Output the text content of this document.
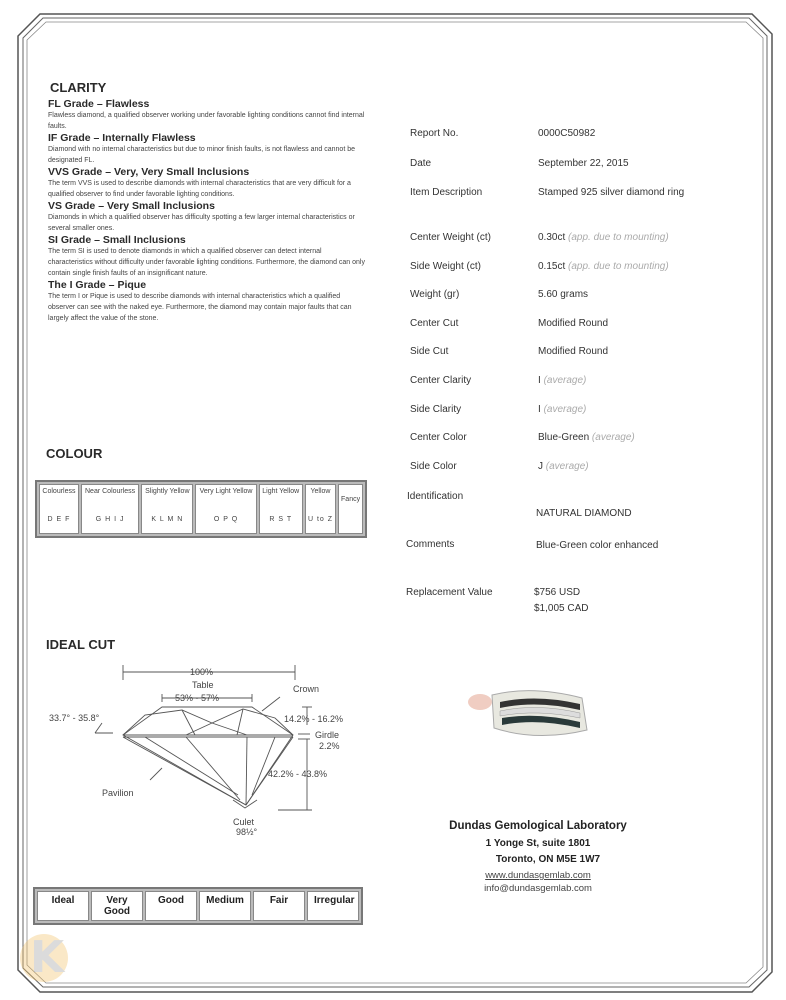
CLARITY
FL Grade – Flawless
Flawless diamond, a qualified observer working under favorable lighting conditions cannot find internal faults.
IF Grade – Internally Flawless
Diamond with no internal characteristics but due to minor finish faults, is not flawless and cannot be designated FL.
VVS Grade – Very, Very Small Inclusions
The term VVS is used to describe diamonds with internal characteristics that are very difficult for a qualified observer to find under favorable lighting conditions.
VS Grade – Very Small Inclusions
Diamonds in which a qualified observer has difficulty spotting a few larger internal characteristics or several smaller ones.
SI Grade – Small Inclusions
The term SI is used to denote diamonds in which a qualified observer can detect internal characteristics without difficulty under favorable lighting conditions. Furthermore, the diamond can only contain single finish faults of an insignificant nature.
The I Grade – Pique
The term I or Pique is used to describe diamonds with internal characteristics which a qualified observer can see with the naked eye. Furthermore, the diamond may contain major faults that can largely affect the value of the stone.
COLOUR
Colourless
D E F

Near Colourless
G H I J

Slightly Yellow
K L M N

Very Light Yellow
O P Q

Light Yellow
R S T

Yellow
U to Z

Fancy
IDEAL CUT
100%
Table
53% - 57%
Crown
33.7° - 35.8°	14.2% - 16.2%
Girdle
2.2%
42.2% - 43.8%
Pavilion
Culet
98½°
Ideal	Very Good

Good	Medium	Fair	Irregular
Report No.	0000C50982
Date	September 22, 2015
Item Description	Stamped 925 silver diamond ring
Center Weight (ct)	0.30ct (app. due to mounting)
Side Weight (ct)	0.15ct (app. due to mounting)
Weight (gr)	5.60 grams
Center Cut	Modified Round
Side Cut	Modified Round
Center Clarity	I (average)
Side Clarity	I (average)
Center Color	Blue-Green (average)
Side Color	J (average)
Identification
NATURAL DIAMOND
Comments	Blue-Green color enhanced
Replacement Value	$756 USD
$1,005 CAD
Dundas Gemological Laboratory
1 Yonge St, suite 1801
Toronto, ON M5E 1W7
www.dundasgemlab.com
info@dundasgemlab.com
K
